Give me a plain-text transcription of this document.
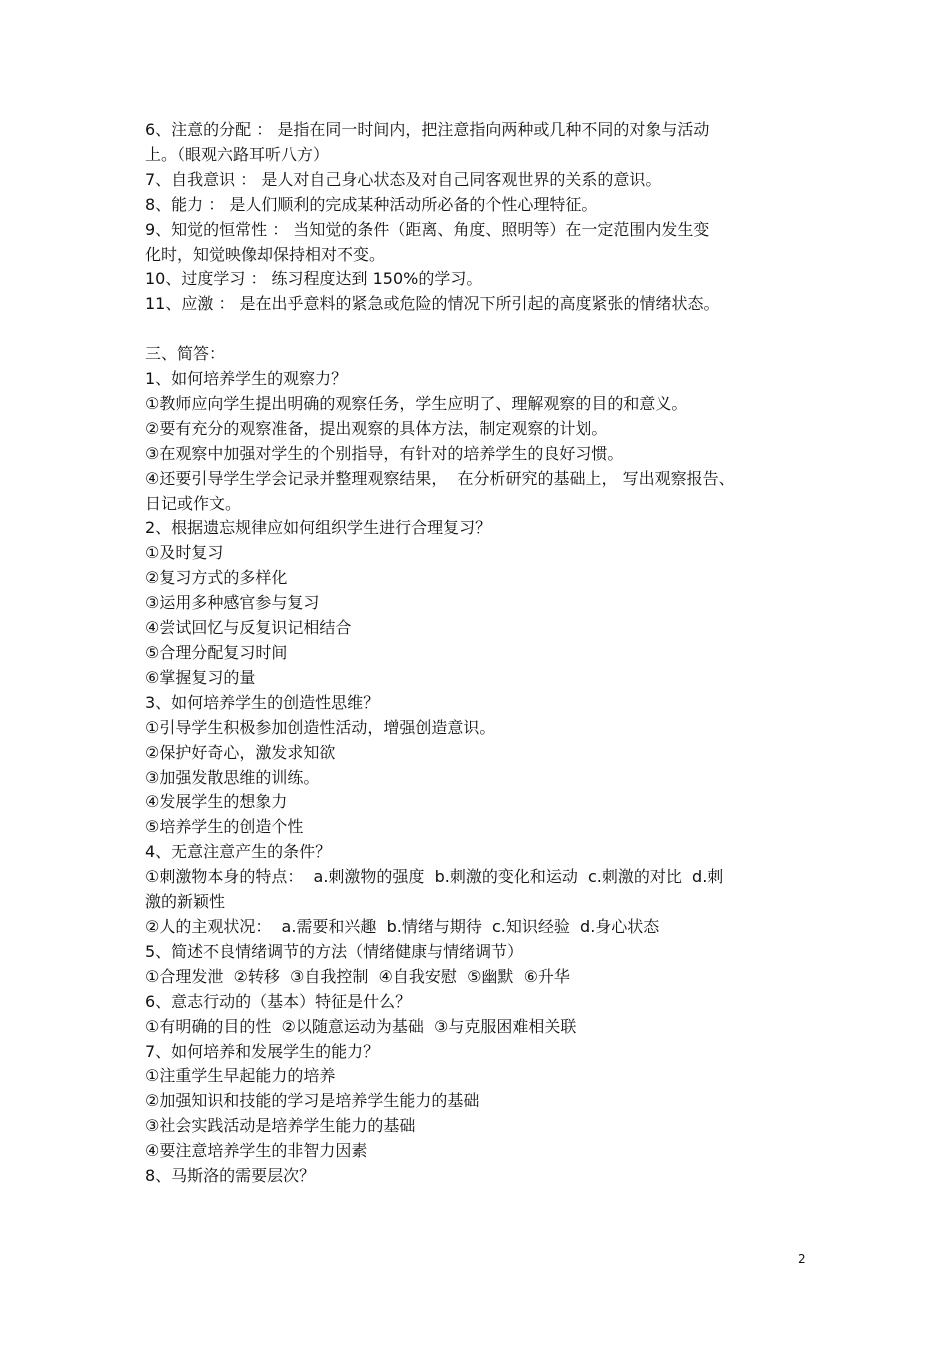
6、注意的分配 ： 是指在同一时间内，把注意指向两种或几种不同的对象与活动
上。（眼观六路耳听八方）
7、自我意识 ： 是人对自己身心状态及对自己同客观世界的关系的意识。
8、能力 ： 是人们顺利的完成某种活动所必备的个性心理特征。
9、知觉的恒常性 ： 当知觉的条件（距离、角度、照明等）在一定范围内发生变
化时，知觉映像却保持相对不变。
10、过度学习 ： 练习程度达到 150%的学习。
11、应激 ： 是在出乎意料的紧急或危险的情况下所引起的高度紧张的情绪状态。
三、简答：
1、如何培养学生的观察力？
①教师应向学生提出明确的观察任务，学生应明了、理解观察的目的和意义。
②要有充分的观察准备，提出观察的具体方法，制定观察的计划。
③在观察中加强对学生的个别指导，有针对的培养学生的良好习惯。
④还要引导学生学会记录并整理观察结果，  在分析研究的基础上， 写出观察报告、
日记或作文。
2、根据遗忘规律应如何组织学生进行合理复习？
①及时复习
②复习方式的多样化
③运用多种感官参与复习
④尝试回忆与反复识记相结合
⑤合理分配复习时间
⑥掌握复习的量
3、如何培养学生的创造性思维？
①引导学生积极参加创造性活动，增强创造意识。
②保护好奇心，激发求知欲
③加强发散思维的训练。
④发展学生的想象力
⑤培养学生的创造个性
4、无意注意产生的条件？
①刺激物本身的特点：  a.刺激物的强度  b.刺激的变化和运动  c.刺激的对比  d.刺
激的新颖性
②人的主观状况：  a.需要和兴趣  b.情绪与期待  c.知识经验  d.身心状态
5、简述不良情绪调节的方法（情绪健康与情绪调节）
①合理发泄  ②转移  ③自我控制  ④自我安慰  ⑤幽默  ⑥升华
6、意志行动的（基本）特征是什么？
①有明确的目的性  ②以随意运动为基础  ③与克服困难相关联
7、如何培养和发展学生的能力？
①注重学生早起能力的培养
②加强知识和技能的学习是培养学生能力的基础
③社会实践活动是培养学生能力的基础
④要注意培养学生的非智力因素
8、马斯洛的需要层次？
2
